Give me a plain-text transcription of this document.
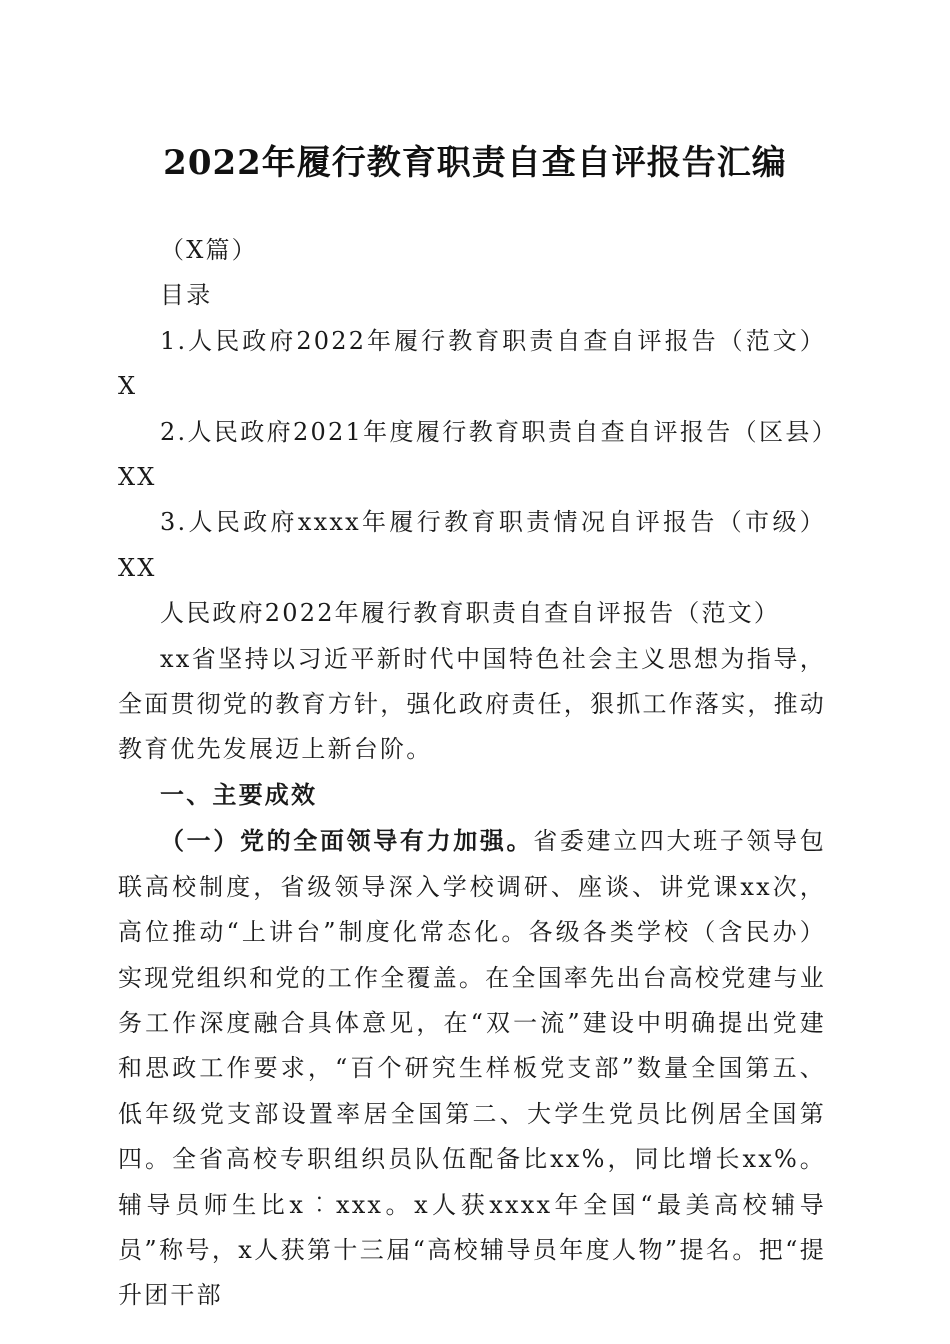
2022年履行教育职责自查自评报告汇编

（X篇）

目录

1.人民政府2022年履行教育职责自查自评报告（范文）X

2.人民政府2021年度履行教育职责自查自评报告（区县）XX

3.人民政府xxxx年履行教育职责情况自评报告（市级）XX

人民政府2022年履行教育职责自查自评报告（范文）

xx省坚持以习近平新时代中国特色社会主义思想为指导，全面贯彻党的教育方针，强化政府责任，狠抓工作落实，推动教育优先发展迈上新台阶。

一、主要成效

（一）党的全面领导有力加强。省委建立四大班子领导包联高校制度，省级领导深入学校调研、座谈、讲党课xx次，高位推动“上讲台”制度化常态化。各级各类学校（含民办）实现党组织和党的工作全覆盖。在全国率先出台高校党建与业务工作深度融合具体意见，在“双一流”建设中明确提出党建和思政工作要求，“百个研究生样板党支部”数量全国第五、低年级党支部设置率居全国第二、大学生党员比例居全国第四。全省高校专职组织员队伍配备比xx%，同比增长xx%。辅导员师生比x︰xxx。x人获xxxx年全国“最美高校辅导员”称号，x人获第十三届“高校辅导员年度人物”提名。把“提升团干部
